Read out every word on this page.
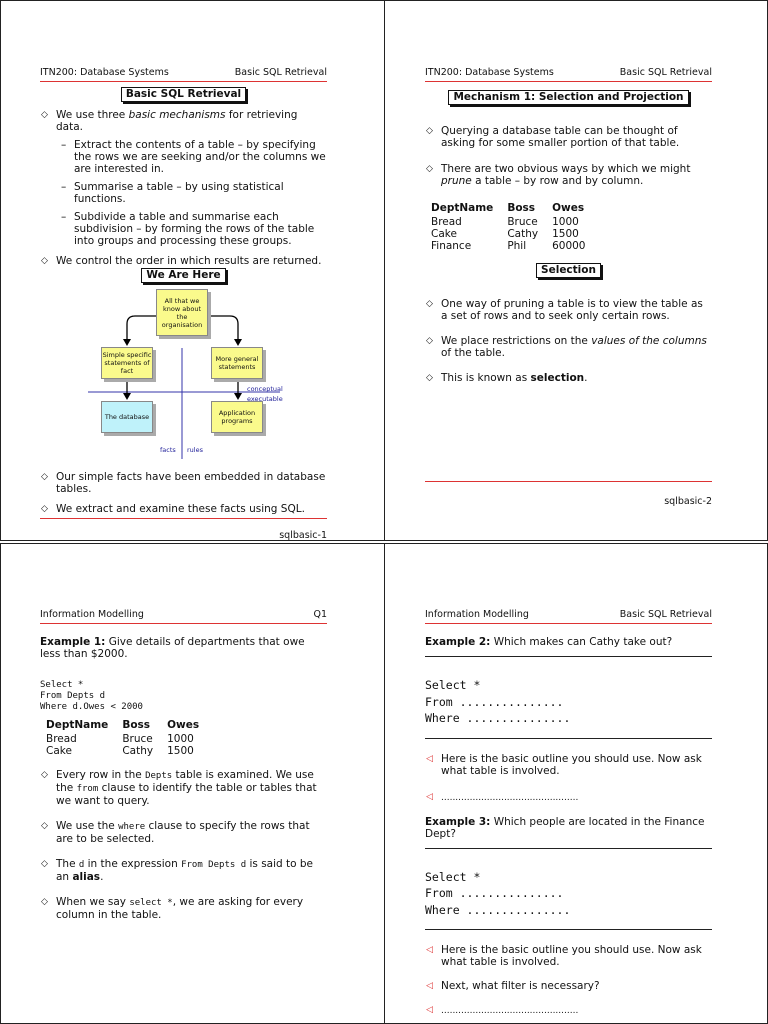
ITN200: Database Systems	Basic SQL Retrieval
Basic SQL Retrieval
◇ We use three basic mechanisms for retrieving data.
– Extract the contents of a table – by specifying the rows we are seeking and/or the columns we are interested in.
– Summarise a table – by using statistical functions.
– Subdivide a table and summarise each subdivision – by forming the rows of the table into groups and processing these groups.
◇ We control the order in which results are returned.
We Are Here
All that we know about the organisation
Simple specific statements of fact
More general statements
The database	Application programs
conceptual
executable
facts rules
◇ Our simple facts have been embedded in database tables.
◇ We extract and examine these facts using SQL.
sqlbasic-1
ITN200: Database Systems	Basic SQL Retrieval
Mechanism 1: Selection and Projection
◇ Querying a database table can be thought of asking for some smaller portion of that table.
◇ There are two obvious ways by which we might prune a table – by row and by column.
DeptName	Boss	Owes
Bread	Bruce	1000
Cake	Cathy	1500
Finance	Phil	60000
Selection
◇ One way of pruning a table is to view the table as a set of rows and to seek only certain rows.
◇ We place restrictions on the values of the columns of the table.
◇ This is known as selection.
sqlbasic-2
Information Modelling	Q1
Example 1: Give details of departments that owe less than $2000.
Select *
From Depts d
Where d.Owes < 2000
DeptName	Boss	Owes
Bread	Bruce	1000
Cake	Cathy	1500
◇ Every row in the Depts table is examined. We use the from clause to identify the table or tables that we want to query.
◇ We use the where clause to specify the rows that are to be selected.
◇ The d in the expression From Depts d is said to be an alias.
◇ When we say select *, we are asking for every column in the table.
Information Modelling	Basic SQL Retrieval
Example 2: Which makes can Cathy take out?
Select *
From ...............
Where ...............
◁ Here is the basic outline you should use. Now ask what table is involved.
◁ ................................................
Example 3: Which people are located in the Finance Dept?
Select *
From ...............
Where ...............
◁ Here is the basic outline you should use. Now ask what table is involved.
◁ Next, what filter is necessary?
◁ ................................................
